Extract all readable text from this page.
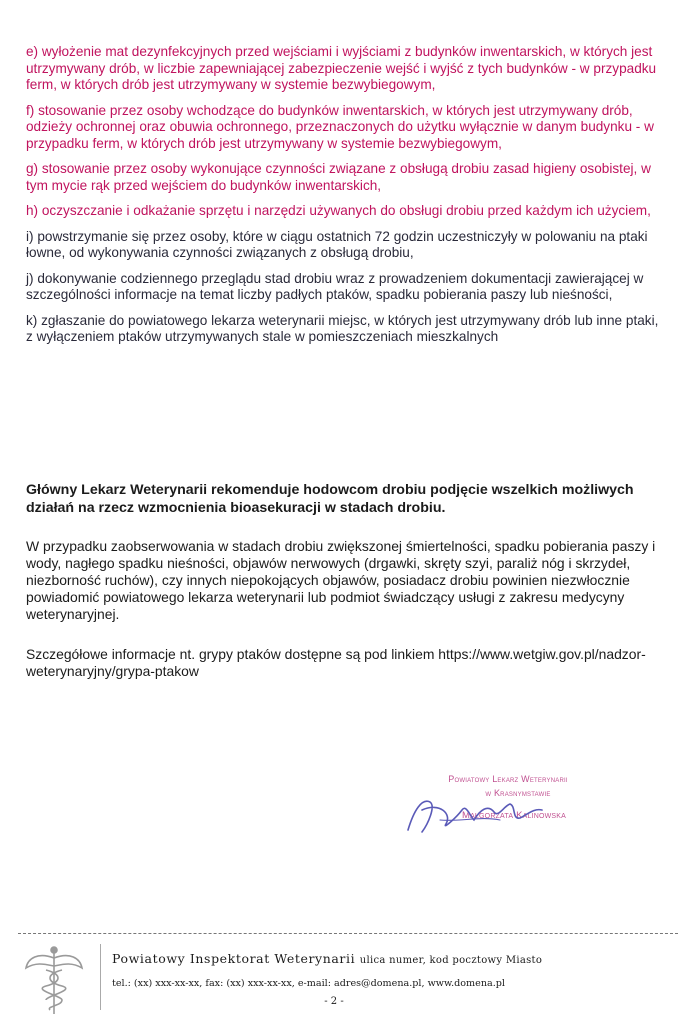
e) wyłożenie mat dezynfekcyjnych przed wejściami i wyjściami z budynków inwentarskich, w których jest utrzymywany drób, w liczbie zapewniającej zabezpieczenie wejść i wyjść z tych budynków - w przypadku ferm, w których drób jest utrzymywany w systemie bezwybiegowym,
f) stosowanie przez osoby wchodzące do budynków inwentarskich, w których jest utrzymywany drób, odzieży ochronnej oraz obuwia ochronnego, przeznaczonych do użytku wyłącznie w danym budynku - w przypadku ferm, w których drób jest utrzymywany w systemie bezwybiegowym,
g) stosowanie przez osoby wykonujące czynności związane z obsługą drobiu zasad higieny osobistej, w tym mycie rąk przed wejściem do budynków inwentarskich,
h) oczyszczanie i odkażanie sprzętu i narzędzi używanych do obsługi drobiu przed każdym ich użyciem,
i) powstrzymanie się przez osoby, które w ciągu ostatnich 72 godzin uczestniczyły w polowaniu na ptaki łowne, od wykonywania czynności związanych z obsługą drobiu,
j) dokonywanie codziennego przeglądu stad drobiu wraz z prowadzeniem dokumentacji zawierającej w szczególności informacje na temat liczby padłych ptaków, spadku pobierania paszy lub nieśności,
k) zgłaszanie do powiatowego lekarza weterynarii miejsc, w których jest utrzymywany drób lub inne ptaki, z wyłączeniem ptaków utrzymywanych stale w pomieszczeniach mieszkalnych
Główny Lekarz Weterynarii rekomenduje hodowcom drobiu podjęcie wszelkich możliwych działań na rzecz wzmocnienia bioasekuracji w stadach drobiu.
W przypadku zaobserwowania w stadach drobiu zwiększonej śmiertelności, spadku pobierania paszy i wody, nagłego spadku nieśności, objawów nerwowych (drgawki, skręty szyi, paraliż nóg i skrzydeł, niezborność ruchów), czy innych niepokojących objawów, posiadacz drobiu powinien niezwłocznie powiadomić powiatowego lekarza weterynarii lub podmiot świadczący usługi z zakresu medycyny weterynaryjnej.
Szczegółowe informacje nt. grypy ptaków dostępne są pod linkiem https://www.wetgiw.gov.pl/nadzor-weterynaryjny/grypa-ptakow
Powiatowy Lekarz Weterynarii
w Krasnymstawie
Małgorzata Kalinowska
Powiatowy Inspektorat Weterynarii ulica numer, kod pocztowy Miasto
tel.: (xx) xxx-xx-xx, fax: (xx) xxx-xx-xx, e-mail: adres@domena.pl, www.domena.pl
- 2 -
